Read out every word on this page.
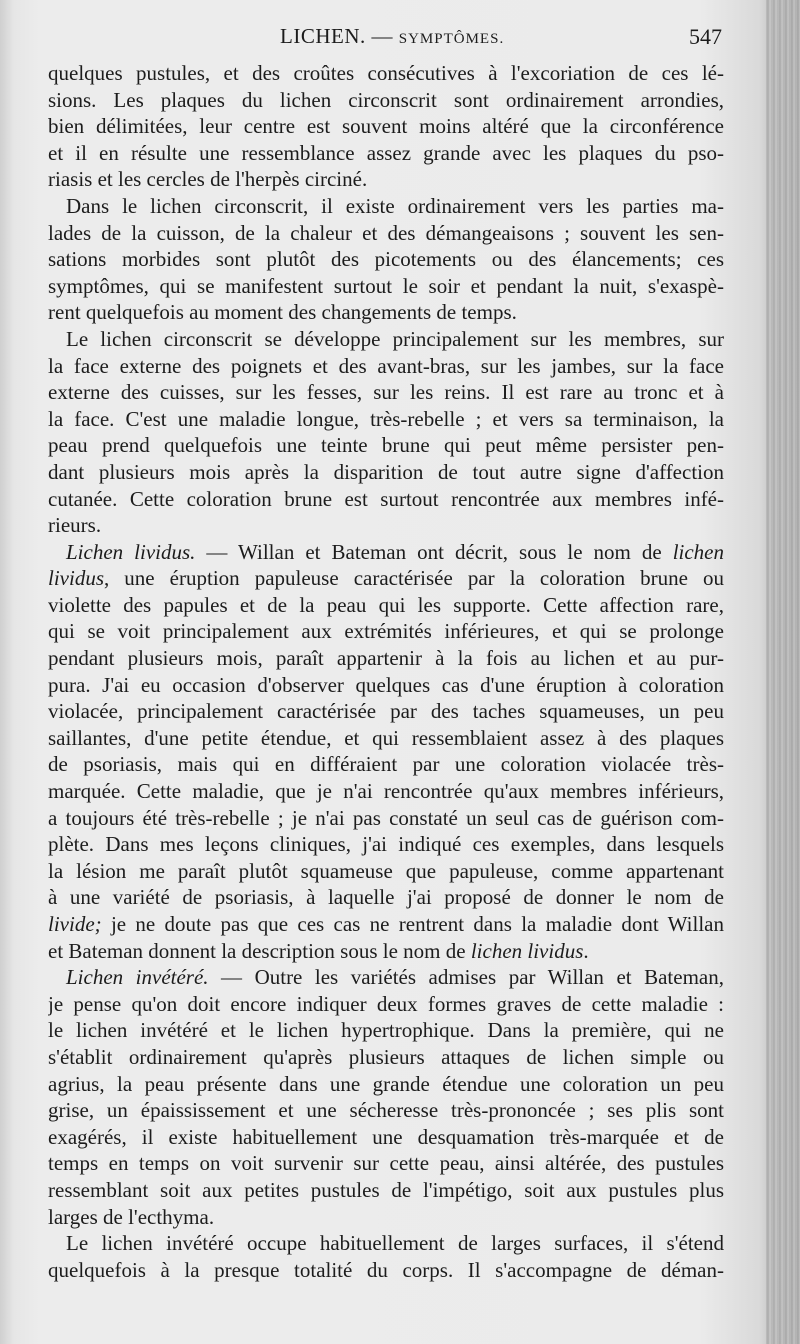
LICHEN. — SYMPTÔMES.	547
quelques pustules, et des croûtes consécutives à l'excoriation de ces lé-
sions. Les plaques du lichen circonscrit sont ordinairement arrondies,
bien délimitées, leur centre est souvent moins altéré que la circonférence
et il en résulte une ressemblance assez grande avec les plaques du pso-
riasis et les cercles de l'herpès circiné.
Dans le lichen circonscrit, il existe ordinairement vers les parties ma-
lades de la cuisson, de la chaleur et des démangeaisons ; souvent les sen-
sations morbides sont plutôt des picotements ou des élancements; ces
symptômes, qui se manifestent surtout le soir et pendant la nuit, s'exaspè-
rent quelquefois au moment des changements de temps.
Le lichen circonscrit se développe principalement sur les membres, sur
la face externe des poignets et des avant-bras, sur les jambes, sur la face
externe des cuisses, sur les fesses, sur les reins. Il est rare au tronc et à
la face. C'est une maladie longue, très-rebelle ; et vers sa terminaison, la
peau prend quelquefois une teinte brune qui peut même persister pen-
dant plusieurs mois après la disparition de tout autre signe d'affection
cutanée. Cette coloration brune est surtout rencontrée aux membres infé-
rieurs.
Lichen lividus. — Willan et Bateman ont décrit, sous le nom de lichen
lividus, une éruption papuleuse caractérisée par la coloration brune ou
violette des papules et de la peau qui les supporte. Cette affection rare,
qui se voit principalement aux extrémités inférieures, et qui se prolonge
pendant plusieurs mois, paraît appartenir à la fois au lichen et au pur-
pura. J'ai eu occasion d'observer quelques cas d'une éruption à coloration
violacée, principalement caractérisée par des taches squameuses, un peu
saillantes, d'une petite étendue, et qui ressemblaient assez à des plaques
de psoriasis, mais qui en différaient par une coloration violacée très-
marquée. Cette maladie, que je n'ai rencontrée qu'aux membres inférieurs,
a toujours été très-rebelle ; je n'ai pas constaté un seul cas de guérison com-
plète. Dans mes leçons cliniques, j'ai indiqué ces exemples, dans lesquels
la lésion me paraît plutôt squameuse que papuleuse, comme appartenant
à une variété de psoriasis, à laquelle j'ai proposé de donner le nom de
livide; je ne doute pas que ces cas ne rentrent dans la maladie dont Willan
et Bateman donnent la description sous le nom de lichen lividus.
Lichen invétéré. — Outre les variétés admises par Willan et Bateman,
je pense qu'on doit encore indiquer deux formes graves de cette maladie :
le lichen invétéré et le lichen hypertrophique. Dans la première, qui ne
s'établit ordinairement qu'après plusieurs attaques de lichen simple ou
agrius, la peau présente dans une grande étendue une coloration un peu
grise, un épaississement et une sécheresse très-prononcée ; ses plis sont
exagérés, il existe habituellement une desquamation très-marquée et de
temps en temps on voit survenir sur cette peau, ainsi altérée, des pustules
ressemblant soit aux petites pustules de l'impétigo, soit aux pustules plus
larges de l'ecthyma.
Le lichen invétéré occupe habituellement de larges surfaces, il s'étend
quelquefois à la presque totalité du corps. Il s'accompagne de déman-
